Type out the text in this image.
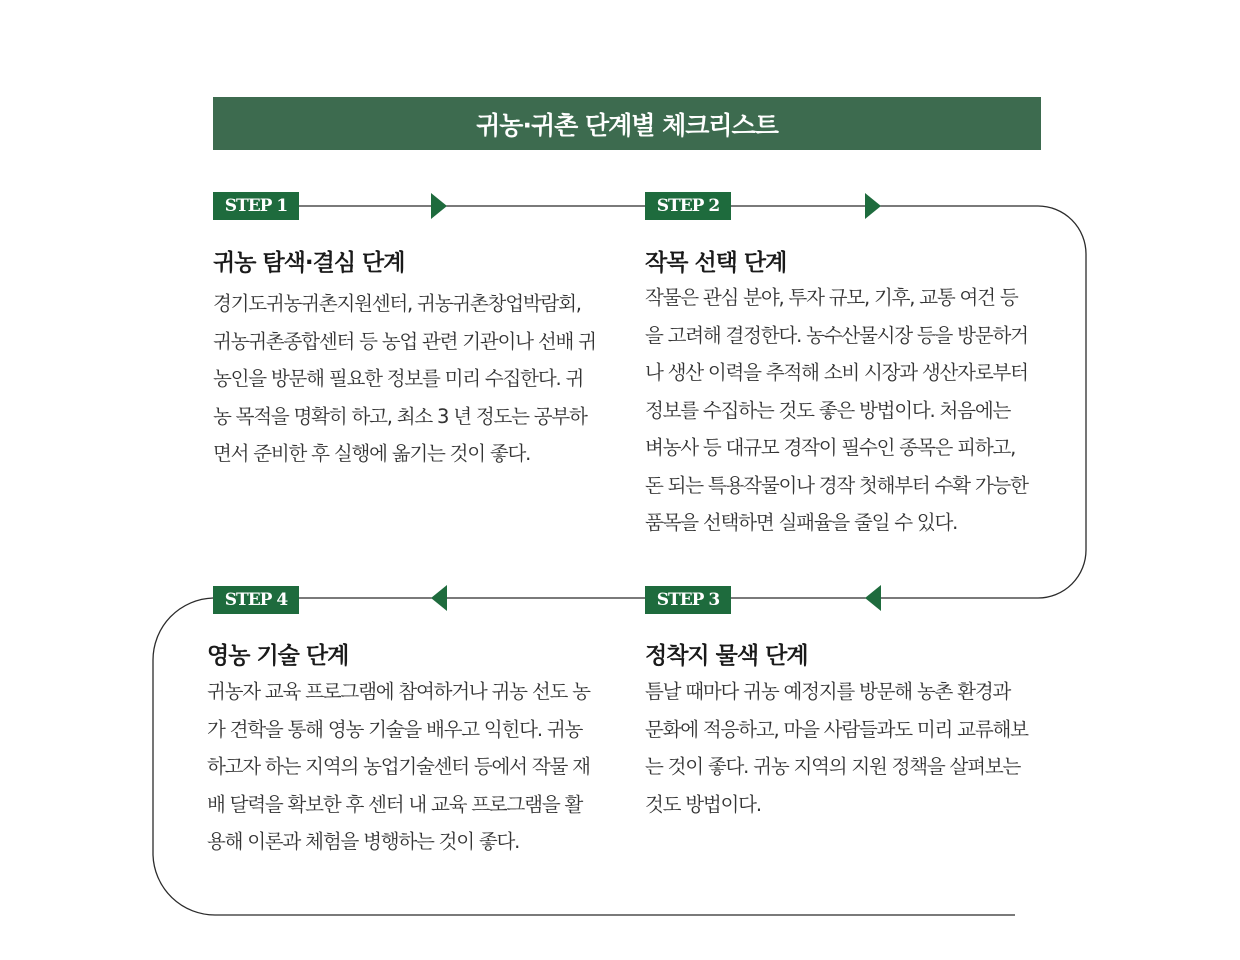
귀농·귀촌 단계별 체크리스트
STEP 1
귀농 탐색·결심 단계
경기도귀농귀촌지원센터, 귀농귀촌창업박람회,
귀농귀촌종합센터 등 농업 관련 기관이나 선배 귀
농인을 방문해 필요한 정보를 미리 수집한다. 귀
농 목적을 명확히 하고, 최소 3 년 정도는 공부하
면서 준비한 후 실행에 옮기는 것이 좋다.
STEP 2
작목 선택 단계
작물은 관심 분야, 투자 규모, 기후, 교통 여건 등
을 고려해 결정한다. 농수산물시장 등을 방문하거
나 생산 이력을 추적해 소비 시장과 생산자로부터
정보를 수집하는 것도 좋은 방법이다. 처음에는
벼농사 등 대규모 경작이 필수인 종목은 피하고,
돈 되는 특용작물이나 경작 첫해부터 수확 가능한
품목을 선택하면 실패율을 줄일 수 있다.
STEP 3
정착지 물색 단계
틈날 때마다 귀농 예정지를 방문해 농촌 환경과
문화에 적응하고, 마을 사람들과도 미리 교류해보
는 것이 좋다. 귀농 지역의 지원 정책을 살펴보는
것도 방법이다.
STEP 4
영농 기술 단계
귀농자 교육 프로그램에 참여하거나 귀농 선도 농
가 견학을 통해 영농 기술을 배우고 익힌다. 귀농
하고자 하는 지역의 농업기술센터 등에서 작물 재
배 달력을 확보한 후 센터 내 교육 프로그램을 활
용해 이론과 체험을 병행하는 것이 좋다.
